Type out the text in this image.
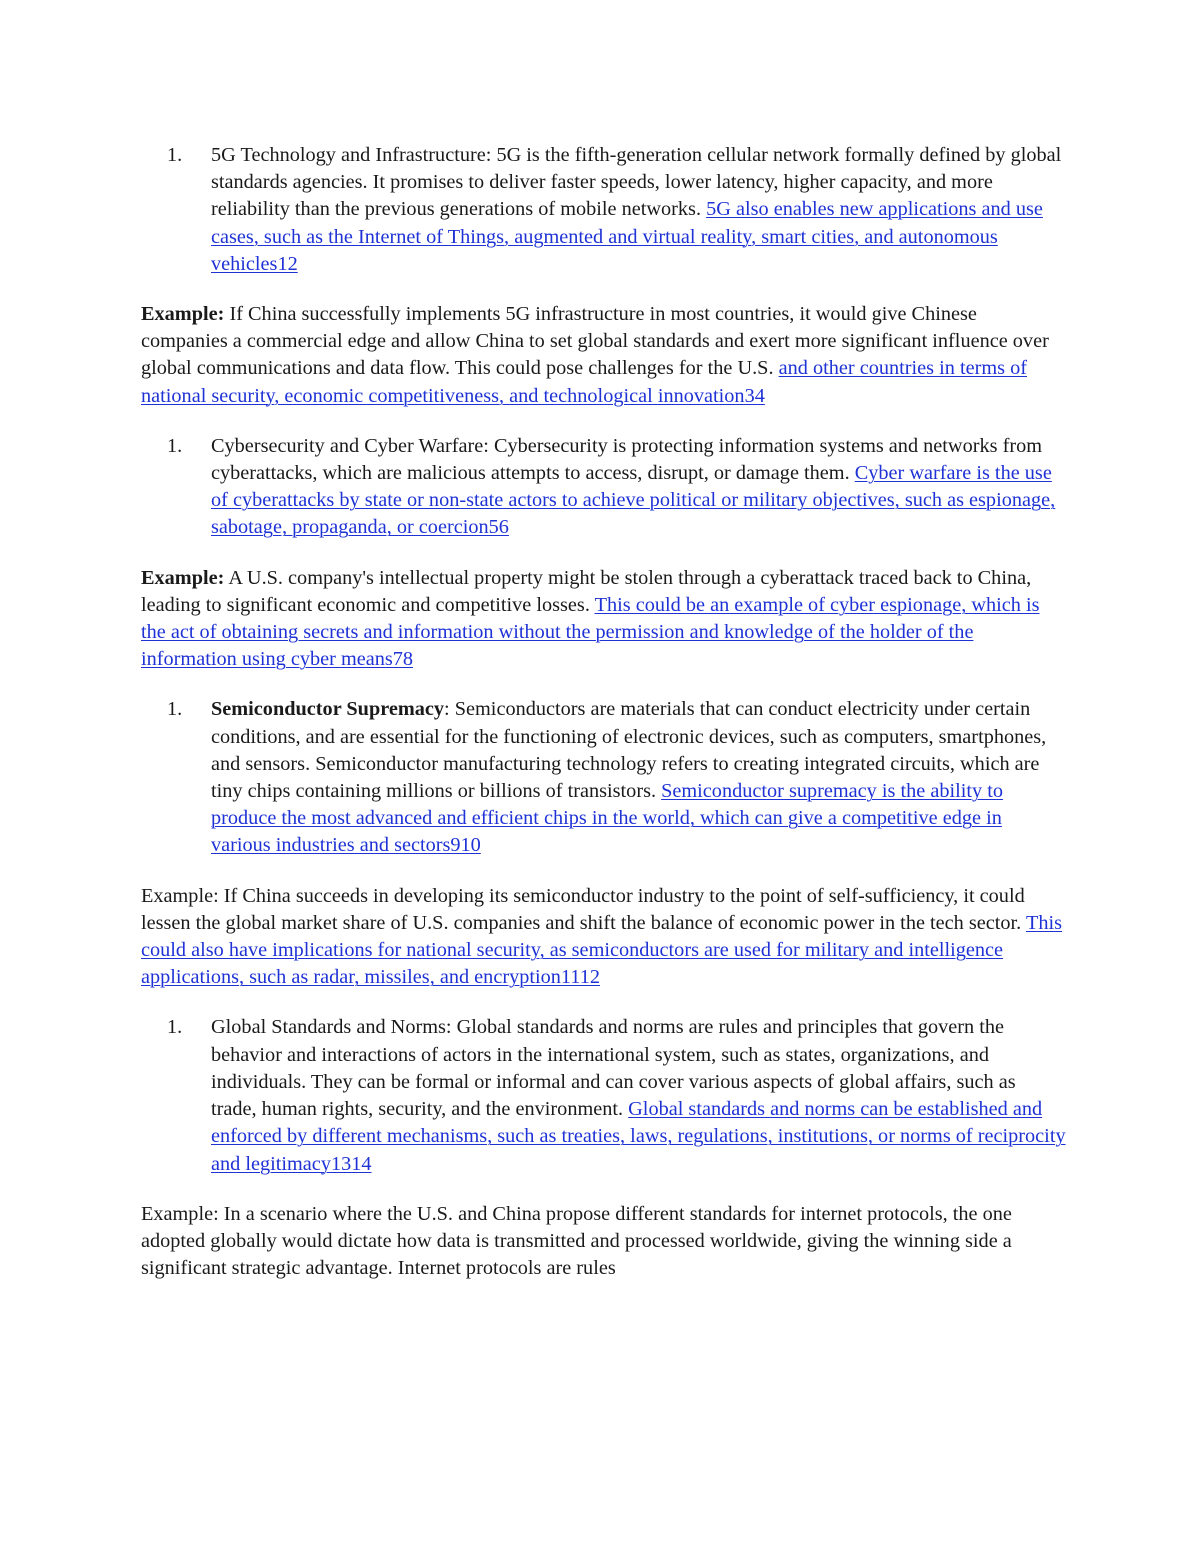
1.	5G Technology and Infrastructure: 5G is the fifth-generation cellular network formally defined by global standards agencies. It promises to deliver faster speeds, lower latency, higher capacity, and more reliability than the previous generations of mobile networks. 5G also enables new applications and use cases, such as the Internet of Things, augmented and virtual reality, smart cities, and autonomous vehicles12

Example: If China successfully implements 5G infrastructure in most countries, it would give Chinese companies a commercial edge and allow China to set global standards and exert more significant influence over global communications and data flow. This could pose challenges for the U.S. and other countries in terms of national security, economic competitiveness, and technological innovation34

1.	Cybersecurity and Cyber Warfare: Cybersecurity is protecting information systems and networks from cyberattacks, which are malicious attempts to access, disrupt, or damage them. Cyber warfare is the use of cyberattacks by state or non-state actors to achieve political or military objectives, such as espionage, sabotage, propaganda, or coercion56

Example: A U.S. company's intellectual property might be stolen through a cyberattack traced back to China, leading to significant economic and competitive losses. This could be an example of cyber espionage, which is the act of obtaining secrets and information without the permission and knowledge of the holder of the information using cyber means78

1.	Semiconductor Supremacy: Semiconductors are materials that can conduct electricity under certain conditions, and are essential for the functioning of electronic devices, such as computers, smartphones, and sensors. Semiconductor manufacturing technology refers to creating integrated circuits, which are tiny chips containing millions or billions of transistors. Semiconductor supremacy is the ability to produce the most advanced and efficient chips in the world, which can give a competitive edge in various industries and sectors910

Example: If China succeeds in developing its semiconductor industry to the point of self-sufficiency, it could lessen the global market share of U.S. companies and shift the balance of economic power in the tech sector. This could also have implications for national security, as semiconductors are used for military and intelligence applications, such as radar, missiles, and encryption1112

1.	Global Standards and Norms: Global standards and norms are rules and principles that govern the behavior and interactions of actors in the international system, such as states, organizations, and individuals. They can be formal or informal and can cover various aspects of global affairs, such as trade, human rights, security, and the environment. Global standards and norms can be established and enforced by different mechanisms, such as treaties, laws, regulations, institutions, or norms of reciprocity and legitimacy1314

Example: In a scenario where the U.S. and China propose different standards for internet protocols, the one adopted globally would dictate how data is transmitted and processed worldwide, giving the winning side a significant strategic advantage. Internet protocols are rules
